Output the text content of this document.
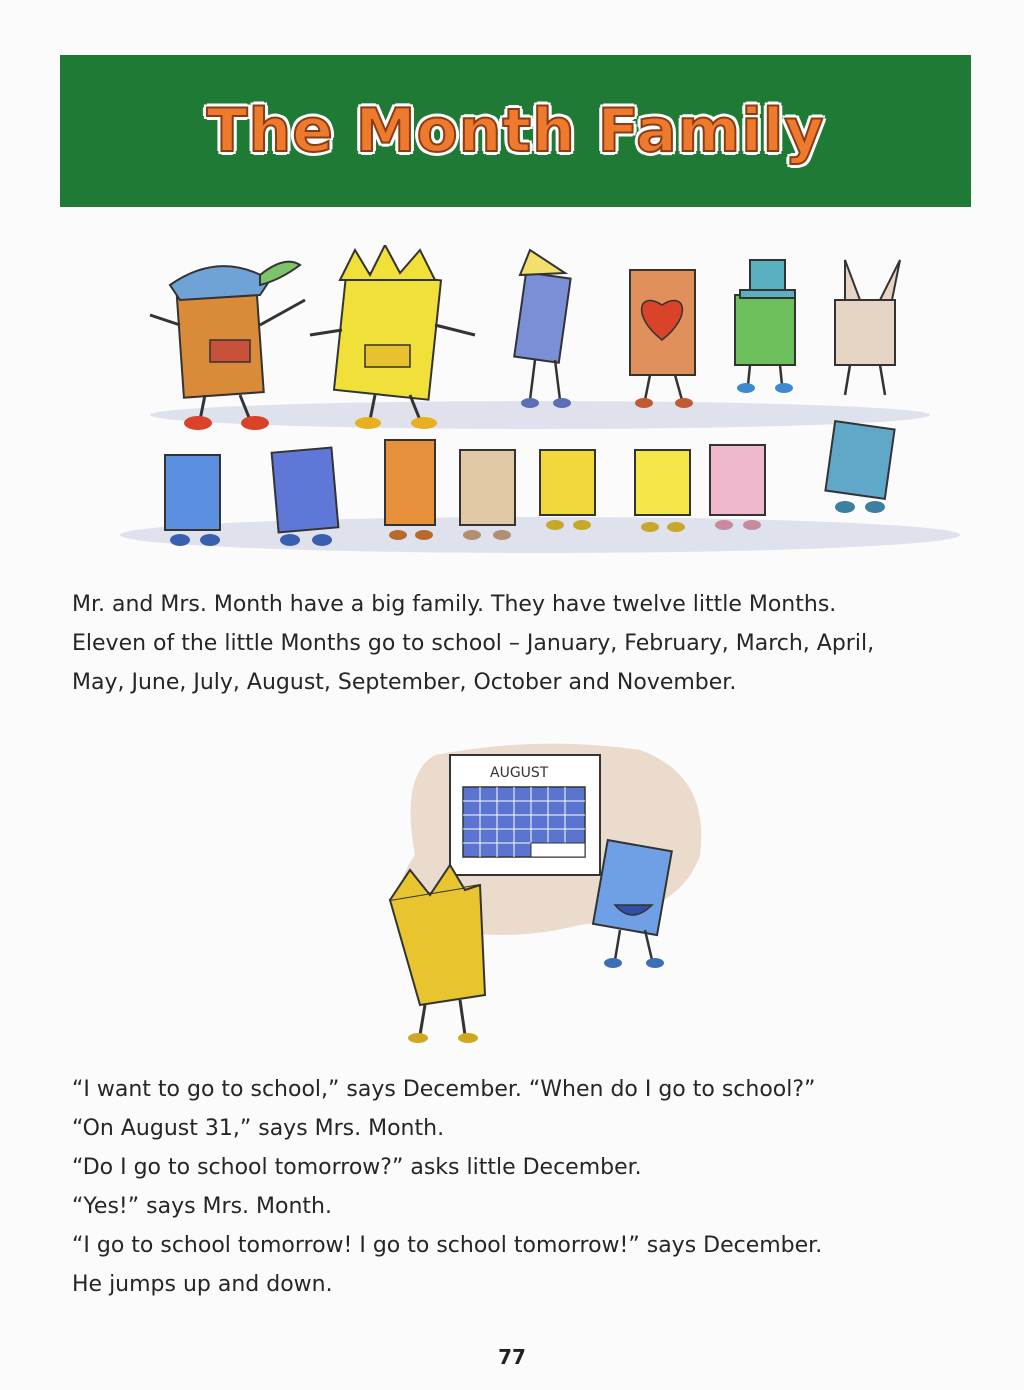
The Month Family

Mr. and Mrs. Month have a big family. They have twelve little Months.
Eleven of the little Months go to school – January, February, March, April,
May, June, July, August, September, October and November.

AUGUST

“I want to go to school,” says December. “When do I go to school?”
“On August 31,” says Mrs. Month.
“Do I go to school tomorrow?” asks little December.
“Yes!” says Mrs. Month.
“I go to school tomorrow! I go to school tomorrow!” says December.
He jumps up and down.

77
